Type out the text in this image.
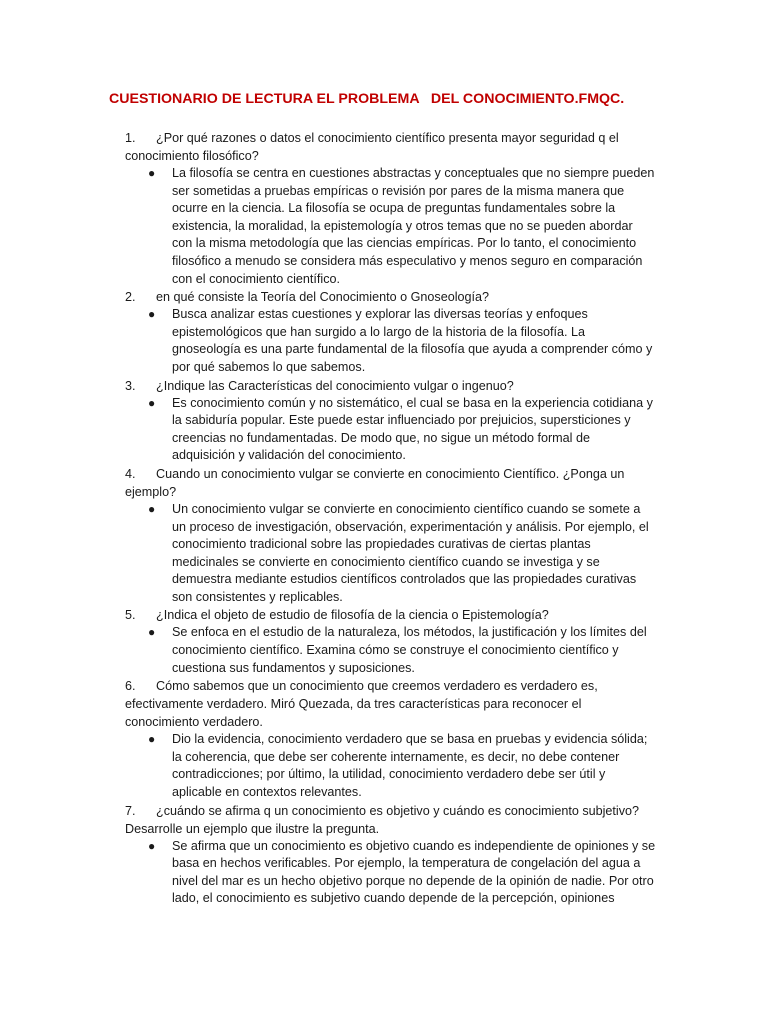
CUESTIONARIO DE LECTURA EL PROBLEMA   DEL CONOCIMIENTO.FMQC.

1. ¿Por qué razones o datos el conocimiento científico presenta mayor seguridad q el conocimiento filosófico?

● La filosofía se centra en cuestiones abstractas y conceptuales que no siempre pueden ser sometidas a pruebas empíricas o revisión por pares de la misma manera que ocurre en la ciencia. La filosofía se ocupa de preguntas fundamentales sobre la existencia, la moralidad, la epistemología y otros temas que no se pueden abordar con la misma metodología que las ciencias empíricas. Por lo tanto, el conocimiento filosófico a menudo se considera más especulativo y menos seguro en comparación con el conocimiento científico.

2. en qué consiste la Teoría del Conocimiento o Gnoseología?

● Busca analizar estas cuestiones y explorar las diversas teorías y enfoques epistemológicos que han surgido a lo largo de la historia de la filosofía. La gnoseología es una parte fundamental de la filosofía que ayuda a comprender cómo y por qué sabemos lo que sabemos.

3. ¿Indique las Características del conocimiento vulgar o ingenuo?

● Es conocimiento común y no sistemático, el cual se basa en la experiencia cotidiana y la sabiduría popular. Este puede estar influenciado por prejuicios, supersticiones y creencias no fundamentadas. De modo que, no sigue un método formal de adquisición y validación del conocimiento.

4. Cuando un conocimiento vulgar se convierte en conocimiento Científico. ¿Ponga un ejemplo?

● Un conocimiento vulgar se convierte en conocimiento científico cuando se somete a un proceso de investigación, observación, experimentación y análisis. Por ejemplo, el conocimiento tradicional sobre las propiedades curativas de ciertas plantas medicinales se convierte en conocimiento científico cuando se investiga y se demuestra mediante estudios científicos controlados que las propiedades curativas son consistentes y replicables.

5. ¿Indica el objeto de estudio de filosofía de la ciencia o Epistemología?

● Se enfoca en el estudio de la naturaleza, los métodos, la justificación y los límites del conocimiento científico. Examina cómo se construye el conocimiento científico y cuestiona sus fundamentos y suposiciones.

6. Cómo sabemos que un conocimiento que creemos verdadero es verdadero es, efectivamente verdadero. Miró Quezada, da tres características para reconocer el conocimiento verdadero.

● Dio la evidencia, conocimiento verdadero que se basa en pruebas y evidencia sólida; la coherencia, que debe ser coherente internamente, es decir, no debe contener contradicciones; por último, la utilidad, conocimiento verdadero debe ser útil y aplicable en contextos relevantes.

7. ¿cuándo se afirma q un conocimiento es objetivo y cuándo es conocimiento subjetivo? Desarrolle un ejemplo que ilustre la pregunta.

● Se afirma que un conocimiento es objetivo cuando es independiente de opiniones y se basa en hechos verificables. Por ejemplo, la temperatura de congelación del agua a nivel del mar es un hecho objetivo porque no depende de la opinión de nadie. Por otro lado, el conocimiento es subjetivo cuando depende de la percepción, opiniones
